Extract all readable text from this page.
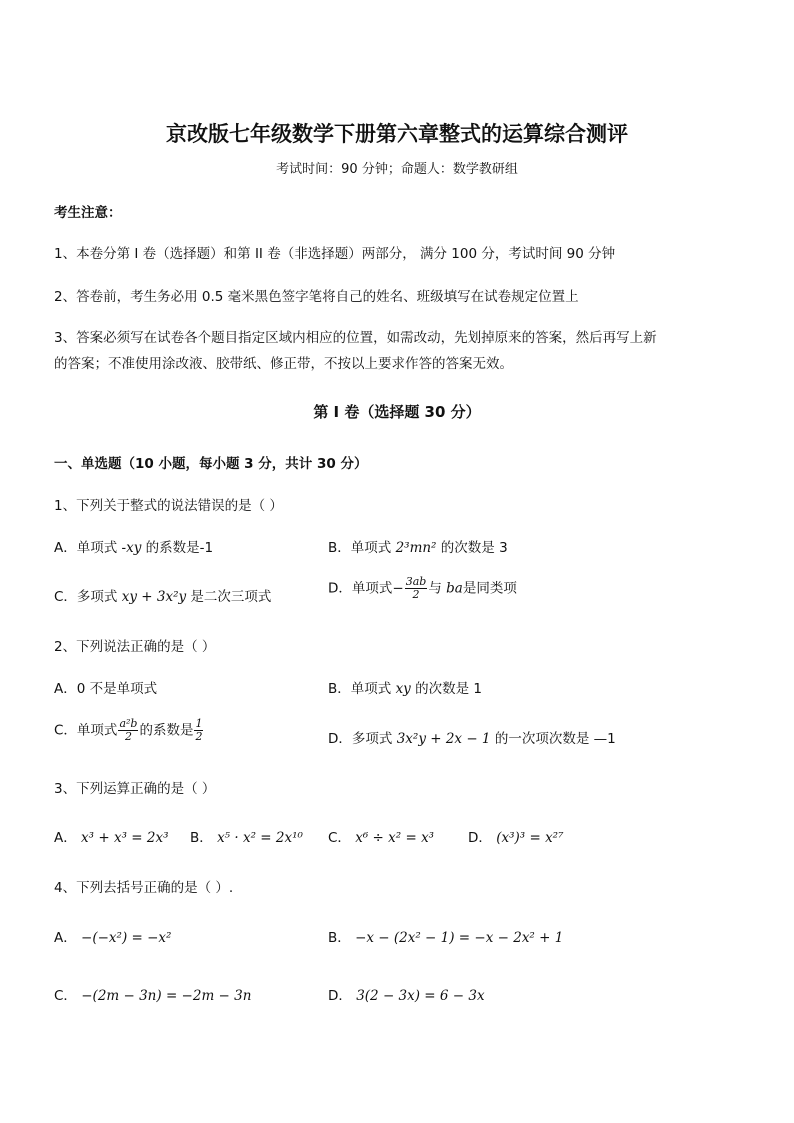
京改版七年级数学下册第六章整式的运算综合测评
考试时间：90 分钟；命题人：数学教研组
考生注意：
1、本卷分第 I 卷（选择题）和第 II 卷（非选择题）两部分， 满分 100 分，考试时间 90 分钟
2、答卷前，考生务必用 0.5 毫米黑色签字笔将自己的姓名、班级填写在试卷规定位置上
3、答案必须写在试卷各个题目指定区域内相应的位置，如需改动，先划掉原来的答案，然后再写上新
的答案；不准使用涂改液、胶带纸、修正带，不按以上要求作答的答案无效。
第 I 卷（选择题 30 分）
一、单选题（10 小题，每小题 3 分，共计 30 分）
1、下列关于整式的说法错误的是（ ）
A．单项式 -xy 的系数是-1	B．单项式 2³mn² 的次数是 3
C．多项式 xy + 3x²y 是二次三项式
D．单项式− $\frac{3ab}{2}$ 与 ba是同类项
2、下列说法正确的是（ ）
A．0 不是单项式	B．单项式 xy 的次数是 1
C．单项式 $\frac{\text{a²b}}{2}$ 的系数是 $\frac{1}{2}$	D．多项式 3x²y + 2x − 1 的一次项次数是 —1
3、下列运算正确的是（ ）
A． x³ + x³ = 2x³ B． x⁵ · x² = 2x¹⁰ C． x⁶ ÷ x² = x³	D． (x³)³ = x²⁷
4、下列去括号正确的是（ ）.
A． −(−x²) = −x²	B． −x − (2x² − 1) = −x − 2x² + 1
C． −(2m − 3n) = −2m − 3n	D． 3(2 − 3x) = 6 − 3x
